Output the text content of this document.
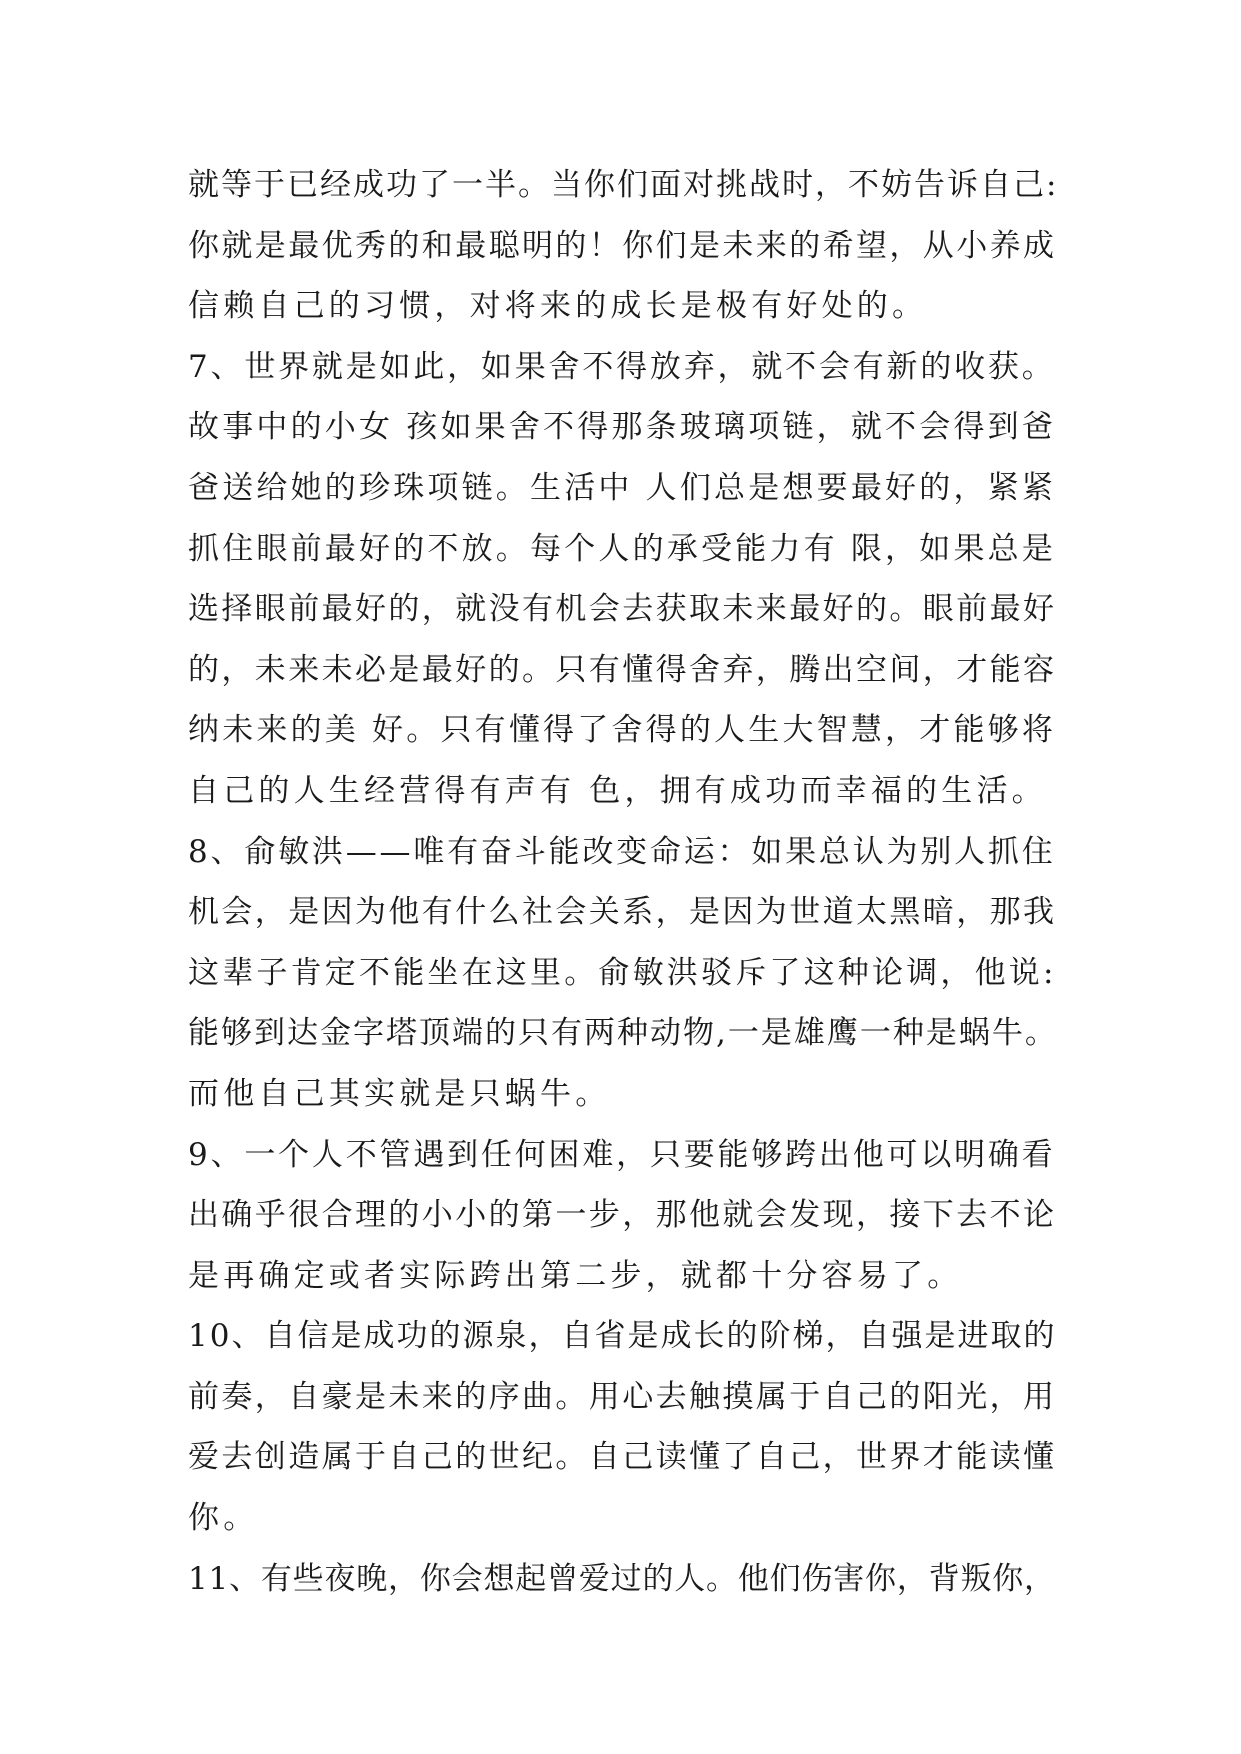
就等于已经成功了一半。当你们面对挑战时，不妨告诉自己:
你就是最优秀的和最聪明的！你们是未来的希望，从小养成
信赖自己的习惯，对将来的成长是极有好处的。
7、世界就是如此，如果舍不得放弃，就不会有新的收获。
故事中的小女 孩如果舍不得那条玻璃项链，就不会得到爸
爸送给她的珍珠项链。生活中 人们总是想要最好的，紧紧
抓住眼前最好的不放。每个人的承受能力有 限，如果总是
选择眼前最好的，就没有机会去获取未来最好的。眼前最好
的，未来未必是最好的。只有懂得舍弃，腾出空间，才能容
纳未来的美 好。只有懂得了舍得的人生大智慧，才能够将
自己的人生经营得有声有 色，拥有成功而幸福的生活。
8、俞敏洪——唯有奋斗能改变命运：如果总认为别人抓住
机会，是因为他有什么社会关系，是因为世道太黑暗，那我
这辈子肯定不能坐在这里。俞敏洪驳斥了这种论调，他说:
能够到达金字塔顶端的只有两种动物,一是雄鹰一种是蜗牛。
而他自己其实就是只蜗牛。
9、一个人不管遇到任何困难，只要能够跨出他可以明确看
出确乎很合理的小小的第一步，那他就会发现，接下去不论
是再确定或者实际跨出第二步，就都十分容易了。
10、自信是成功的源泉，自省是成长的阶梯，自强是进取的
前奏，自豪是未来的序曲。用心去触摸属于自己的阳光，用
爱去创造属于自己的世纪。自己读懂了自己，世界才能读懂
你。
11、有些夜晚，你会想起曾爱过的人。他们伤害你，背叛你，
